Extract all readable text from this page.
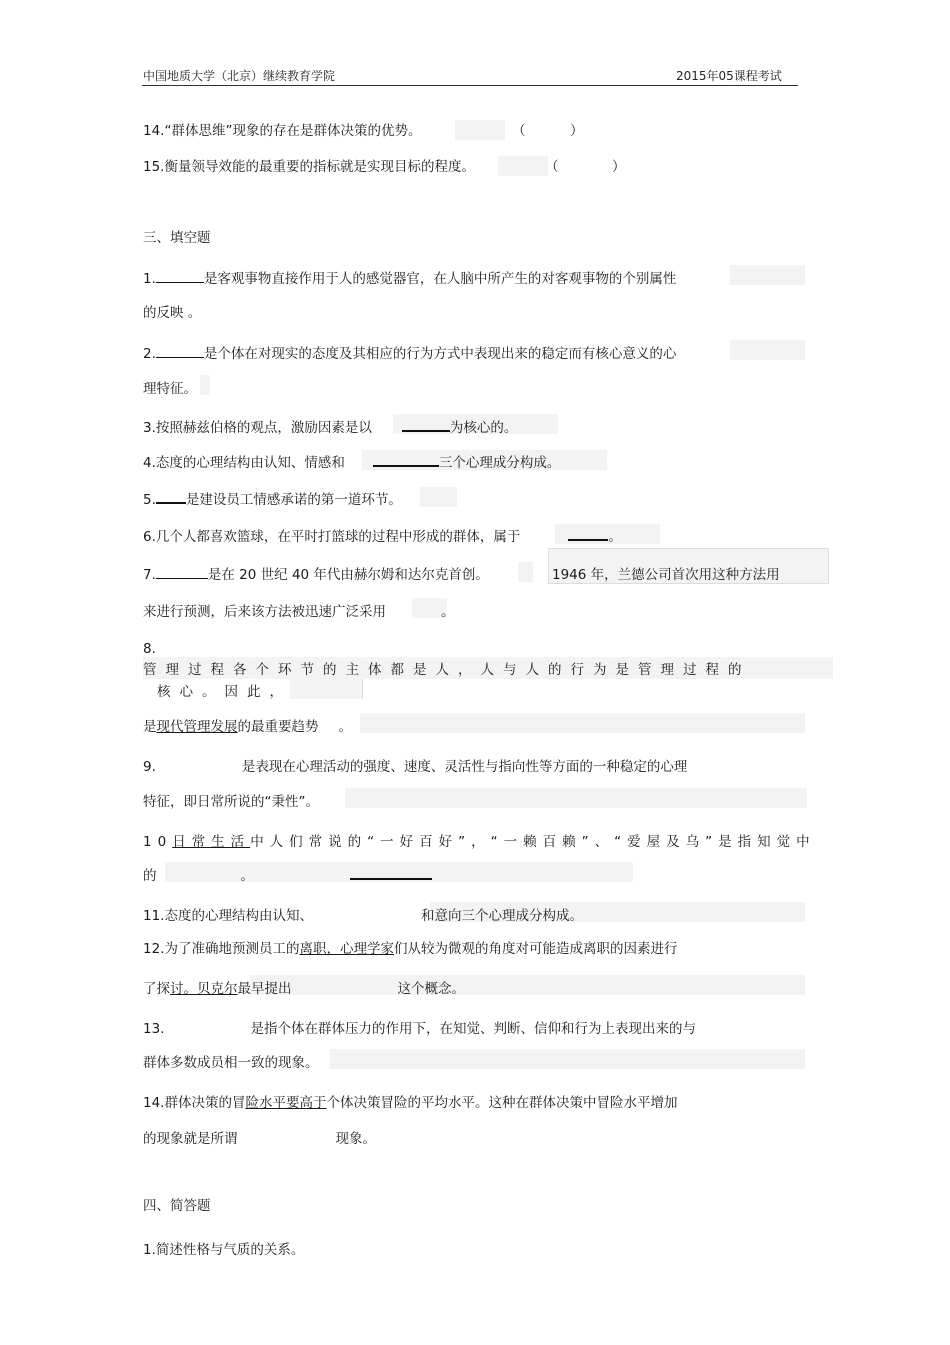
中国地质大学（北京）继续教育学院	2015年05课程考试
14.“群体思维”现象的存在是群体决策的优势。	（	）
15.衡量领导效能的最重要的指标就是实现目标的程度。	（	）
三、填空题
1.	是客观事物直接作用于人的感觉器官，在人脑中所产生的对客观事物的个别属性
的反映 。
2.	是个体在对现实的态度及其相应的行为方式中表现出来的稳定而有核心意义的心
理特征。
3.按照赫兹伯格的观点，激励因素是以	为核心的。
4.态度的心理结构由认知、情感和	三个心理成分构成。
5. 是建设员工情感承诺的第一道环节。
6.几个人都喜欢篮球，在平时打篮球的过程中形成的群体，属于	。
7.	是在 20 世纪 40 年代由赫尔姆和达尔克首创。	1946 年，兰德公司首次用这种方法用
来进行预测，后来该方法被迅速广泛采用	。
8.
管理过程各个环节的主体都是人，人与人的行为是管理过程的
核心。因此，
是现代管理发展的最重要趋势 。
9.	是表现在心理活动的强度、速度、灵活性与指向性等方面的一种稳定的心理
特征，即日常所说的“秉性”。
10日常生活中人们常说的“一好百好”，“一赖百赖”、“爱屋及乌”是指知觉中
的	。
11.态度的心理结构由认知、	和意向三个心理成分构成。
12.为了准确地预测员工的离职，心理学家们从较为微观的角度对可能造成离职的因素进行
了探讨。贝克尔最早提出	这个概念。
13.	是指个体在群体压力的作用下，在知觉、判断、信仰和行为上表现出来的与
群体多数成员相一致的现象。
14.群体决策的冒险水平要高于个体决策冒险的平均水平。这种在群体决策中冒险水平增加
的现象就是所谓	现象。
四、简答题
1.简述性格与气质的关系。
